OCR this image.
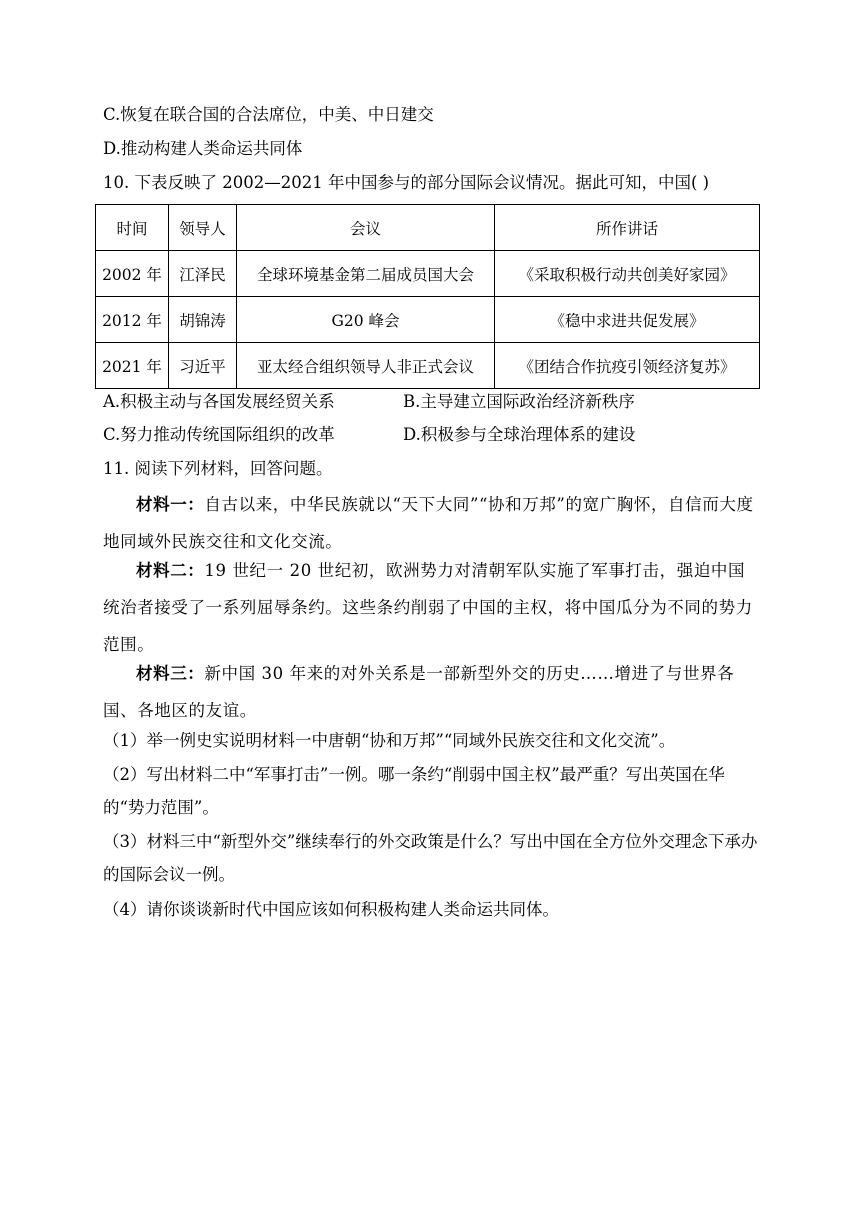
C.恢复在联合国的合法席位，中美、中日建交
D.推动构建人类命运共同体
10. 下表反映了 2002—2021 年中国参与的部分国际会议情况。据此可知，中国( )
时间	领导人	会议	所作讲话
2002 年	江泽民	全球环境基金第二届成员国大会	《采取积极行动共创美好家园》
2012 年	胡锦涛	G20 峰会	《稳中求进共促发展》
2021 年	习近平	亚太经合组织领导人非正式会议	《团结合作抗疫引领经济复苏》
A.积极主动与各国发展经贸关系	B.主导建立国际政治经济新秩序
C.努力推动传统国际组织的改革	D.积极参与全球治理体系的建设
11. 阅读下列材料，回答问题。
材料一：自古以来，中华民族就以“天下大同”“协和万邦”的宽广胸怀，自信而大度地同域外民族交往和文化交流。
材料二：19 世纪一 20 世纪初，欧洲势力对清朝军队实施了军事打击，强迫中国统治者接受了一系列屈辱条约。这些条约削弱了中国的主权，将中国瓜分为不同的势力范围。
材料三：新中国 30 年来的对外关系是一部新型外交的历史……增进了与世界各国、各地区的友谊。
（1）举一例史实说明材料一中唐朝“协和万邦”“同域外民族交往和文化交流”。
（2）写出材料二中“军事打击”一例。哪一条约“削弱中国主权”最严重？写出英国在华的“势力范围”。
（3）材料三中“新型外交”继续奉行的外交政策是什么？写出中国在全方位外交理念下承办的国际会议一例。
（4）请你谈谈新时代中国应该如何积极构建人类命运共同体。
